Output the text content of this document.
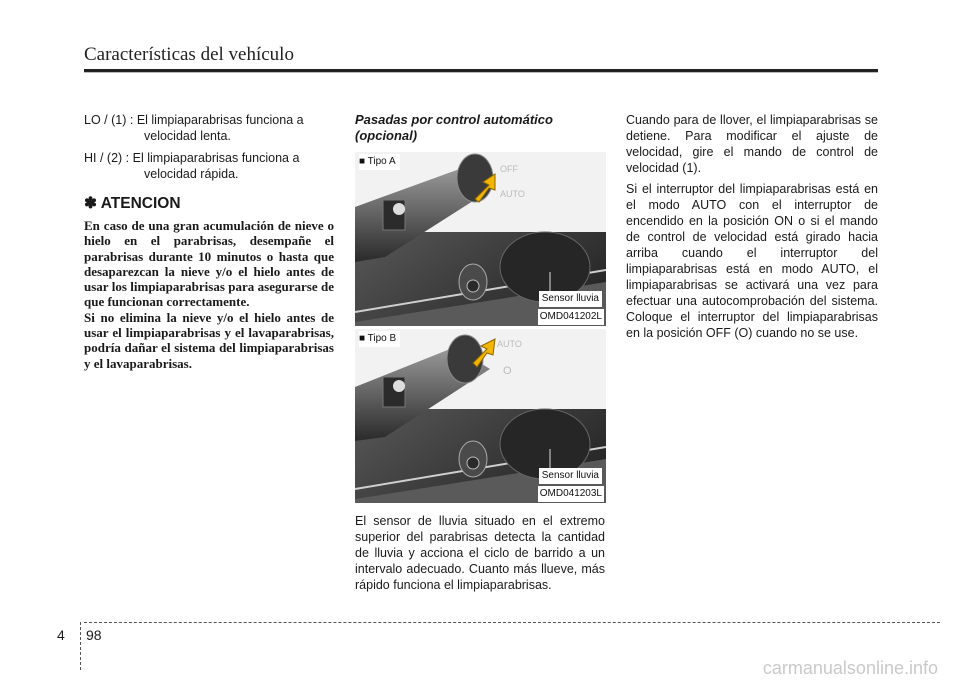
Características del vehículo
LO / (1) : El limpiaparabrisas funciona a
velocidad lenta.
HI / (2) : El limpiaparabrisas funciona a
velocidad rápida.
✽ ATENCION

En caso de una gran acumulación de nieve o hielo en el parabrisas, desempañe el parabrisas durante 10 minutos o hasta que desaparezcan la nieve y/o el hielo antes de usar los limpiaparabrisas para asegurarse de que funcionan correctamente.

Si no elimina la nieve y/o el hielo antes de usar el limpiaparabrisas y el lavaparabrisas, podría dañar el sistema del limpiaparabrisas y el lavaparabrisas.

Pasadas por control automático (opcional)
■ Tipo A
OFF
AUTO
Sensor lluvia
OMD041202L
■ Tipo B	AUTO
O
Sensor lluvia
OMD041203L

El sensor de lluvia situado en el extremo superior del parabrisas detecta la cantidad de lluvia y acciona el ciclo de barrido a un intervalo adecuado. Cuanto más llueve, más rápido funciona el limpiaparabrisas.

Cuando para de llover, el limpiaparabrisas se detiene. Para modificar el ajuste de velocidad, gire el mando de control de velocidad (1).

Si el interruptor del limpiaparabrisas está en el modo AUTO con el interruptor de encendido en la posición ON o si el mando de control de velocidad está girado hacia arriba cuando el interruptor del limpiaparabrisas está en modo AUTO, el limpiaparabrisas se activará una vez para efectuar una autocomprobación del sistema. Coloque el interruptor del limpiaparabrisas en la posición OFF (O) cuando no se use.

4 98
carmanualsonline.info
